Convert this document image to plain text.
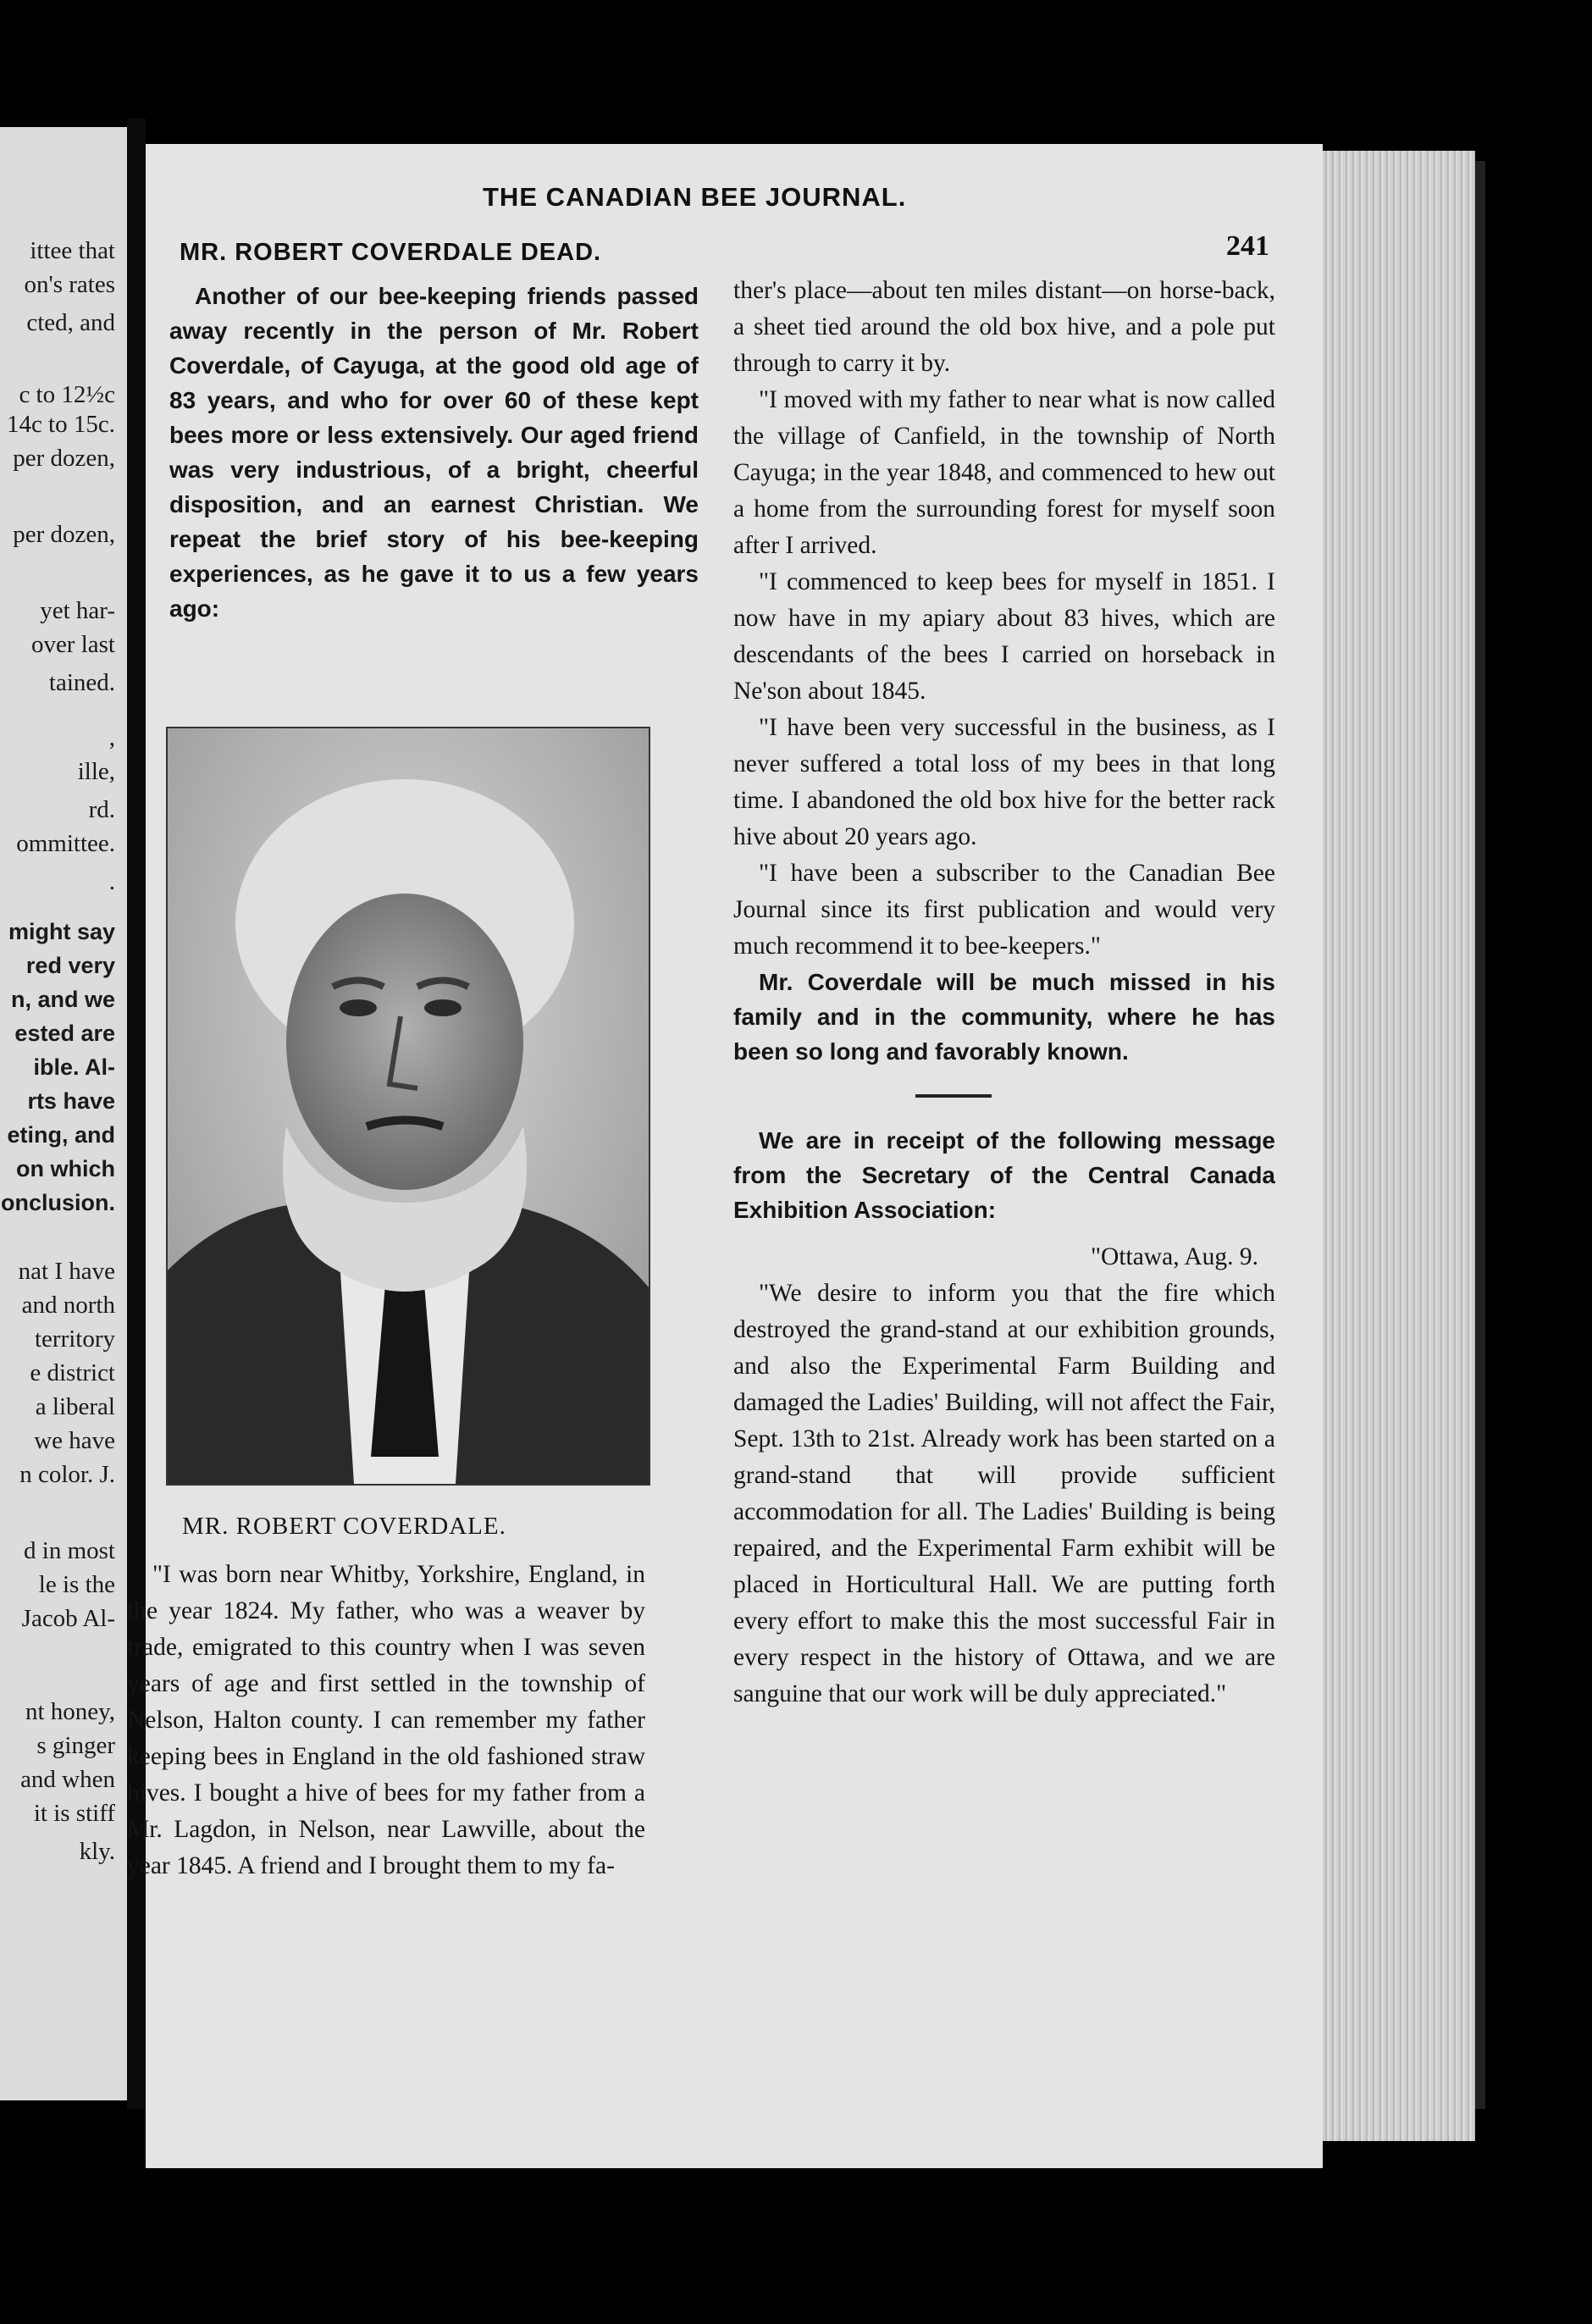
ittee that
on's rates
cted, and
c to 12½c
14c to 15c.
per dozen,
per dozen,
yet har-
over last
tained.
,
ille,
rd.
ommittee.
.
might say
red very
n, and we
ested are
ible. Al-
rts have
eting, and
on which
onclusion.
nat I have
and north
territory
e district
a liberal
we have
n color. J.
d in most
le is the
Jacob Al-
nt honey,
s ginger
and when
it is stiff
kly.
THE CANADIAN BEE JOURNAL.
241
MR. ROBERT COVERDALE DEAD.

Another of our bee-keeping friends passed away recently in the person of Mr. Robert Coverdale, of Cayuga, at the good old age of 83 years, and who for over 60 of these kept bees more or less extensively. Our aged friend was very industrious, of a bright, cheerful disposition, and an earnest Christian. We repeat the brief story of his bee-keeping experiences, as he gave it to us a few years ago:

MR. ROBERT COVERDALE.

"I was born near Whitby, Yorkshire, England, in the year 1824. My father, who was a weaver by trade, emigrated to this country when I was seven years of age and first settled in the township of Nelson, Halton county. I can remember my father keeping bees in England in the old fashioned straw hives. I bought a hive of bees for my father from a Mr. Lagdon, in Nelson, near Lawville, about the year 1845. A friend and I brought them to my fa-

ther's place—about ten miles distant—on horse-back, a sheet tied around the old box hive, and a pole put through to carry it by.

"I moved with my father to near what is now called the village of Canfield, in the township of North Cayuga; in the year 1848, and commenced to hew out a home from the surrounding forest for myself soon after I arrived.

"I commenced to keep bees for myself in 1851. I now have in my apiary about 83 hives, which are descendants of the bees I carried on horseback in Ne'son about 1845.

"I have been very successful in the business, as I never suffered a total loss of my bees in that long time. I abandoned the old box hive for the better rack hive about 20 years ago.

"I have been a subscriber to the Canadian Bee Journal since its first publication and would very much recommend it to bee-keepers."

Mr. Coverdale will be much missed in his family and in the community, where he has been so long and favorably known.

We are in receipt of the following message from the Secretary of the Central Canada Exhibition Association:

"Ottawa, Aug. 9.

"We desire to inform you that the fire which destroyed the grand-stand at our exhibition grounds, and also the Experimental Farm Building and damaged the Ladies' Building, will not affect the Fair, Sept. 13th to 21st. Already work has been started on a grand-stand that will provide sufficient accommodation for all. The Ladies' Building is being repaired, and the Experimental Farm exhibit will be placed in Horticultural Hall. We are putting forth every effort to make this the most successful Fair in every respect in the history of Ottawa, and we are sanguine that our work will be duly appreciated."
